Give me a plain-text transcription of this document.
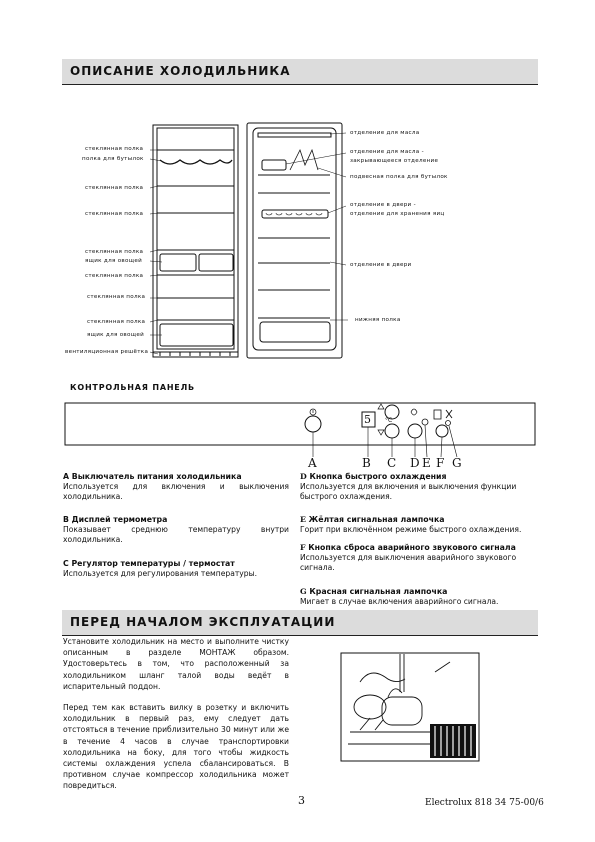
ОПИСАНИЕ ХОЛОДИЛЬНИКА
стеклянная полка
полка для бутылок
стеклянная полка
стеклянная полка
стеклянная полка
ящик для овощей
стеклянная полка
стеклянная полка
стеклянная полка
ящик для овощей
вентиляционная решётка
отделение для масла
отделение для масла -
закрывающееся отделение
подвесная полка для бутылок
отделение в двери -
отделение для хранения яиц
отделение в двери
нижняя полка
КОНТРОЛЬНАЯ ПАНЕЛЬ
5 °C
A	B C D E F G
A Выключатель питания холодильника
Используется для включения и выключения холодильника.
B Дисплей термометра
Показывает среднюю температуру внутри холодильника.
C Регулятор температуры / термостат
Используется для регулирования температуры.
D Кнопка быстрого охлаждения
Используется для включения и выключения функции быстрого охлаждения.
E Жёлтая сигнальная лампочка
Горит при включённом режиме быстрого охлаждения.
F Кнопка сброса аварийного звукового сигнала
Используется для выключения аварийного звукового сигнала.
G Красная сигнальная лампочка
Мигает в случае включения аварийного сигнала.
ПЕРЕД НАЧАЛОМ ЭКСПЛУАТАЦИИ
Установите холодильник на место и выполните чистку описанным в разделе МОНТАЖ образом. Удостоверьтесь в том, что расположенный за холодильником шланг талой воды ведёт в испарительный поддон.
Перед тем как вставить вилку в розетку и включить холодильник в первый раз, ему следует дать отстояться в течение приблизительно 30 минут или же в течение 4 часов в случае транспортировки холодильника на боку, для того чтобы жидкость системы охлаждения успела сбалансироваться. В противном случае компрессор холодильника может повредиться.
3	Electrolux 818 34 75-00/6
